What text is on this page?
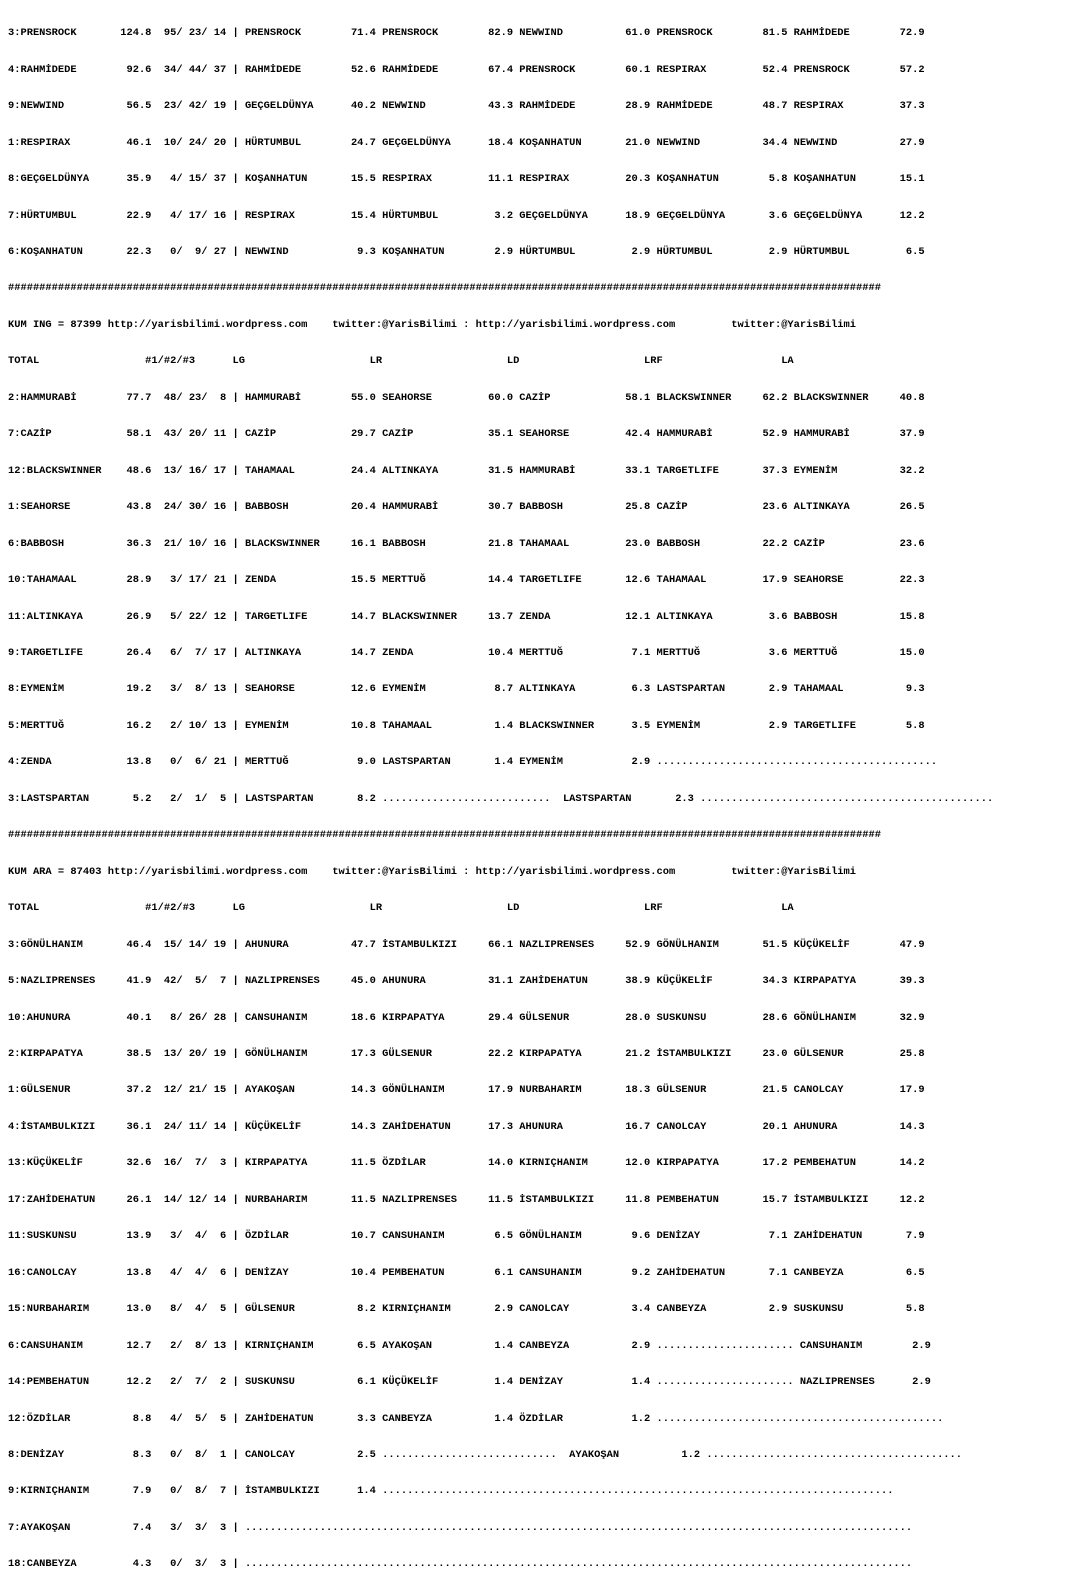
3:PRENSROCK       124.8  95/ 23/ 14 | PRENSROCK        71.4 PRENSROCK        82.9 NEWWIND          61.0 PRENSROCK        81.5 RAHMİDEDE        72.9

4:RAHMİDEDE        92.6  34/ 44/ 37 | RAHMİDEDE        52.6 RAHMİDEDE        67.4 PRENSROCK        60.1 RESPIRAX         52.4 PRENSROCK        57.2

9:NEWWIND          56.5  23/ 42/ 19 | GEÇGELDÜNYA      40.2 NEWWIND          43.3 RAHMİDEDE        28.9 RAHMİDEDE        48.7 RESPIRAX         37.3

1:RESPIRAX         46.1  10/ 24/ 20 | HÜRTUMBUL        24.7 GEÇGELDÜNYA      18.4 KOŞANHATUN       21.0 NEWWIND          34.4 NEWWIND          27.9

8:GEÇGELDÜNYA      35.9   4/ 15/ 37 | KOŞANHATUN       15.5 RESPIRAX         11.1 RESPIRAX         20.3 KOŞANHATUN        5.8 KOŞANHATUN       15.1

7:HÜRTUMBUL        22.9   4/ 17/ 16 | RESPIRAX         15.4 HÜRTUMBUL         3.2 GEÇGELDÜNYA      18.9 GEÇGELDÜNYA       3.6 GEÇGELDÜNYA      12.2

6:KOŞANHATUN       22.3   0/  9/ 27 | NEWWIND           9.3 KOŞANHATUN        2.9 HÜRTUMBUL         2.9 HÜRTUMBUL         2.9 HÜRTUMBUL         6.5

############################################################################################################################################

KUM ING = 87399 http://yarisbilimi.wordpress.com    twitter:@YarisBilimi : http://yarisbilimi.wordpress.com         twitter:@YarisBilimi

TOTAL                 #1/#2/#3      LG                    LR                    LD                    LRF                   LA

2:HAMMURABİ        77.7  48/ 23/  8 | HAMMURABİ        55.0 SEAHORSE         60.0 CAZİP            58.1 BLACKSWINNER     62.2 BLACKSWINNER     40.8

7:CAZİP            58.1  43/ 20/ 11 | CAZİP            29.7 CAZİP            35.1 SEAHORSE         42.4 HAMMURABİ        52.9 HAMMURABİ        37.9

12:BLACKSWINNER    48.6  13/ 16/ 17 | TAHAMAAL         24.4 ALTINKAYA        31.5 HAMMURABİ        33.1 TARGETLIFE       37.3 EYMENİM          32.2

1:SEAHORSE         43.8  24/ 30/ 16 | BABBOSH          20.4 HAMMURABİ        30.7 BABBOSH          25.8 CAZİP            23.6 ALTINKAYA        26.5

6:BABBOSH          36.3  21/ 10/ 16 | BLACKSWINNER     16.1 BABBOSH          21.8 TAHAMAAL         23.0 BABBOSH          22.2 CAZİP            23.6

10:TAHAMAAL        28.9   3/ 17/ 21 | ZENDA            15.5 MERTTUĞ          14.4 TARGETLIFE       12.6 TAHAMAAL         17.9 SEAHORSE         22.3

11:ALTINKAYA       26.9   5/ 22/ 12 | TARGETLIFE       14.7 BLACKSWINNER     13.7 ZENDA            12.1 ALTINKAYA         3.6 BABBOSH          15.8

9:TARGETLIFE       26.4   6/  7/ 17 | ALTINKAYA        14.7 ZENDA            10.4 MERTTUĞ           7.1 MERTTUĞ           3.6 MERTTUĞ          15.0

8:EYMENİM          19.2   3/  8/ 13 | SEAHORSE         12.6 EYMENİM           8.7 ALTINKAYA         6.3 LASTSPARTAN       2.9 TAHAMAAL          9.3

5:MERTTUĞ          16.2   2/ 10/ 13 | EYMENİM          10.8 TAHAMAAL          1.4 BLACKSWINNER      3.5 EYMENİM           2.9 TARGETLIFE        5.8

4:ZENDA            13.8   0/  6/ 21 | MERTTUĞ           9.0 LASTSPARTAN       1.4 EYMENİM           2.9 .............................................

3:LASTSPARTAN       5.2   2/  1/  5 | LASTSPARTAN       8.2 ...........................  LASTSPARTAN       2.3 ...............................................

############################################################################################################################################

KUM ARA = 87403 http://yarisbilimi.wordpress.com    twitter:@YarisBilimi : http://yarisbilimi.wordpress.com         twitter:@YarisBilimi

TOTAL                 #1/#2/#3      LG                    LR                    LD                    LRF                   LA

3:GÖNÜLHANIM       46.4  15/ 14/ 19 | AHUNURA          47.7 İSTAMBULKIZI     66.1 NAZLIPRENSES     52.9 GÖNÜLHANIM       51.5 KÜÇÜKELİF        47.9

5:NAZLIPRENSES     41.9  42/  5/  7 | NAZLIPRENSES     45.0 AHUNURA          31.1 ZAHİDEHATUN      38.9 KÜÇÜKELİF        34.3 KIRPAPATYA       39.3

10:AHUNURA         40.1   8/ 26/ 28 | CANSUHANIM       18.6 KIRPAPATYA       29.4 GÜLSENUR         28.0 SUSKUNSU         28.6 GÖNÜLHANIM       32.9

2:KIRPAPATYA       38.5  13/ 20/ 19 | GÖNÜLHANIM       17.3 GÜLSENUR         22.2 KIRPAPATYA       21.2 İSTAMBULKIZI     23.0 GÜLSENUR         25.8

1:GÜLSENUR         37.2  12/ 21/ 15 | AYAKOŞAN         14.3 GÖNÜLHANIM       17.9 NURBAHARIM       18.3 GÜLSENUR         21.5 CANOLCAY         17.9

4:İSTAMBULKIZI     36.1  24/ 11/ 14 | KÜÇÜKELİF        14.3 ZAHİDEHATUN      17.3 AHUNURA          16.7 CANOLCAY         20.1 AHUNURA          14.3

13:KÜÇÜKELİF       32.6  16/  7/  3 | KIRPAPATYA       11.5 ÖZDİLAR          14.0 KIRNIÇHANIM      12.0 KIRPAPATYA       17.2 PEMBEHATUN       14.2

17:ZAHİDEHATUN     26.1  14/ 12/ 14 | NURBAHARIM       11.5 NAZLIPRENSES     11.5 İSTAMBULKIZI     11.8 PEMBEHATUN       15.7 İSTAMBULKIZI     12.2

11:SUSKUNSU        13.9   3/  4/  6 | ÖZDİLAR          10.7 CANSUHANIM        6.5 GÖNÜLHANIM        9.6 DENİZAY           7.1 ZAHİDEHATUN       7.9

16:CANOLCAY        13.8   4/  4/  6 | DENİZAY          10.4 PEMBEHATUN        6.1 CANSUHANIM        9.2 ZAHİDEHATUN       7.1 CANBEYZA          6.5

15:NURBAHARIM      13.0   8/  4/  5 | GÜLSENUR          8.2 KIRNIÇHANIM       2.9 CANOLCAY          3.4 CANBEYZA          2.9 SUSKUNSU          5.8

6:CANSUHANIM       12.7   2/  8/ 13 | KIRNIÇHANIM       6.5 AYAKOŞAN          1.4 CANBEYZA          2.9 ...................... CANSUHANIM        2.9

14:PEMBEHATUN      12.2   2/  7/  2 | SUSKUNSU          6.1 KÜÇÜKELİF         1.4 DENİZAY           1.4 ...................... NAZLIPRENSES      2.9

12:ÖZDİLAR          8.8   4/  5/  5 | ZAHİDEHATUN       3.3 CANBEYZA          1.4 ÖZDİLAR           1.2 ..............................................

8:DENİZAY           8.3   0/  8/  1 | CANOLCAY          2.5 ............................  AYAKOŞAN          1.2 .........................................

9:KIRNIÇHANIM       7.9   0/  8/  7 | İSTAMBULKIZI      1.4 ..................................................................................

7:AYAKOŞAN          7.4   3/  3/  3 | ...........................................................................................................

18:CANBEYZA         4.3   0/  3/  3 | ...........................................................................................................
